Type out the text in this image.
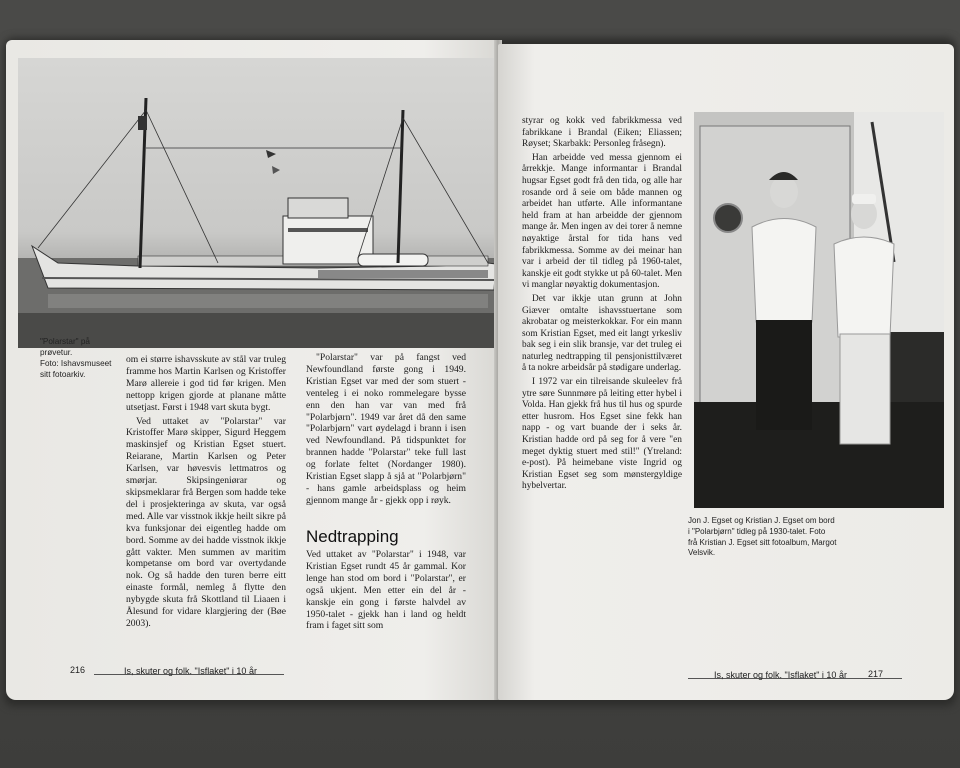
"Polarstar" på
prøvetur.
Foto: Ishavsmuseet
sitt fotoarkiv.

om ei større ishavsskute av stål var truleg framme hos Martin Karlsen og Kristoffer Marø allereie i god tid før krigen. Men nettopp krigen gjorde at planane måtte utsetjast. Først i 1948 vart skuta bygt.

Ved uttaket av "Polarstar" var Kristoffer Marø skipper, Sigurd Heggem maskinsjef og Kristian Egset stuert. Reiarane, Martin Karlsen og Peter Karlsen, var høvesvis lettmatros og smørjar. Skipsingeniørar og skipsmeklarar frå Bergen som hadde teke del i prosjekteringa av skuta, var også med. Alle var visstnok ikkje heilt sikre på kva funksjonar dei eigentleg hadde om bord. Somme av dei hadde visstnok ikkje gått vakter. Men summen av maritim kompetanse om bord var overtydande nok. Og så hadde den turen berre eitt einaste formål, nemleg å flytte den nybygde skuta frå Skottland til Liaaen i Ålesund for vidare klargjering der (Bøe 2003).

"Polarstar" var på fangst ved Newfoundland første gong i 1949. Kristian Egset var med der som stuert - venteleg i ei noko rommelegare bysse enn den han var van med frå "Polarbjørn". 1949 var året då den same "Polarbjørn" vart øydelagd i brann i isen ved Newfoundland. På tidspunktet for brannen hadde "Polarstar" teke full last og forlate feltet (Nordanger 1980). Kristian Egset slapp å sjå at "Polarbjørn" - hans gamle arbeidsplass og heim gjennom mange år - gjekk opp i røyk.

Nedtrapping

Ved uttaket av "Polarstar" i 1948, var Kristian Egset rundt 45 år gammal. Kor lenge han stod om bord i "Polarstar", er også ukjent. Men etter ein del år - kanskje ein gong i første halvdel av 1950-talet - gjekk han i land og heldt fram i faget sitt som

216	Is, skuter og folk. "Isflaket" i 10 år

styrar og kokk ved fabrikkmessa ved fabrikkane i Brandal (Eiken; Eliassen; Røyset; Skarbakk: Personleg fråsegn).

Han arbeidde ved messa gjennom ei årrekkje. Mange informantar i Brandal hugsar Egset godt frå den tida, og alle har rosande ord å seie om både mannen og arbeidet han utførte. Alle informantane held fram at han arbeidde der gjennom mange år. Men ingen av dei torer å nemne nøyaktige årstal for tida hans ved fabrikkmessa. Somme av dei meinar han var i arbeid der til tidleg på 1960-talet, kanskje eit godt stykke ut på 60-talet. Men vi manglar nøyaktig dokumentasjon.

Det var ikkje utan grunn at John Giæver omtalte ishavsstuertane som akrobatar og meisterkokkar. For ein mann som Kristian Egset, med eit langt yrkesliv bak seg i ein slik bransje, var det truleg ei naturleg nedtrapping til pensjonisttilværet å ta nokre arbeidsår på stødigare underlag.

I 1972 var ein tilreisande skuleelev frå ytre søre Sunnmøre på leiting etter hybel i Volda. Han gjekk frå hus til hus og spurde etter husrom. Hos Egset sine fekk han napp - og vart buande der i seks år. Kristian hadde ord på seg for å vere "en meget dyktig stuert med stil!" (Ytreland: e-post). På heimebane viste Ingrid og Kristian Egset seg som mønstergyldige hybelvertar.

Jon J. Egset og Kristian J. Egset om bord
i "Polarbjørn" tidleg på 1930-talet. Foto
frå Kristian J. Egset sitt fotoalbum, Margot
Velsvik.
Is, skuter og folk. "Isflaket" i 10 år 217
